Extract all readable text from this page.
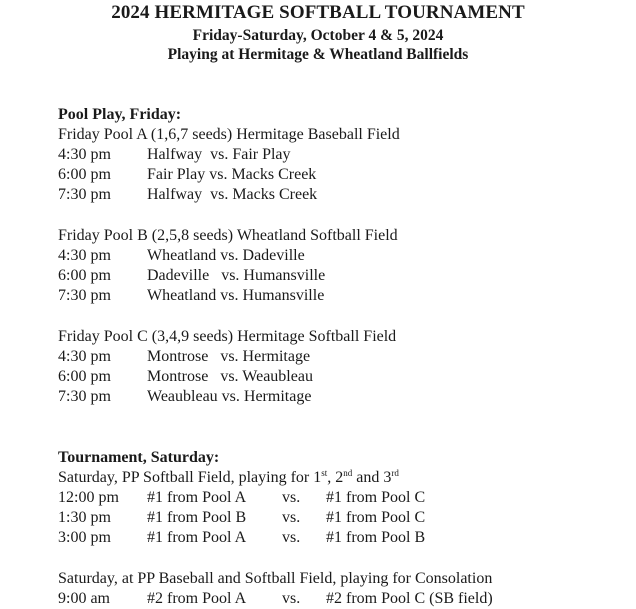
2024 HERMITAGE SOFTBALL TOURNAMENT
Friday-Saturday, October 4 & 5, 2024
Playing at Hermitage & Wheatland Ballfields
Pool Play, Friday:
Friday Pool A (1,6,7 seeds) Hermitage Baseball Field
4:30 pm Halfway  vs. Fair Play
6:00 pm Fair Play vs. Macks Creek
7:30 pm Halfway  vs. Macks Creek
Friday Pool B (2,5,8 seeds) Wheatland Softball Field
4:30 pm Wheatland vs. Dadeville
6:00 pm Dadeville   vs. Humansville
7:30 pm Wheatland vs. Humansville
Friday Pool C (3,4,9 seeds) Hermitage Softball Field
4:30 pm Montrose   vs. Hermitage
6:00 pm Montrose   vs. Weaubleau
7:30 pm Weaubleau vs. Hermitage
Tournament, Saturday:
Saturday, PP Softball Field, playing for 1st, 2nd and 3rd
12:00 pm #1 from Pool A vs. #1 from Pool C
1:30 pm #1 from Pool B vs. #1 from Pool C
3:00 pm #1 from Pool A vs. #1 from Pool B
Saturday, at PP Baseball and Softball Field, playing for Consolation
9:00 am #2 from Pool A vs. #2 from Pool C (SB field)
